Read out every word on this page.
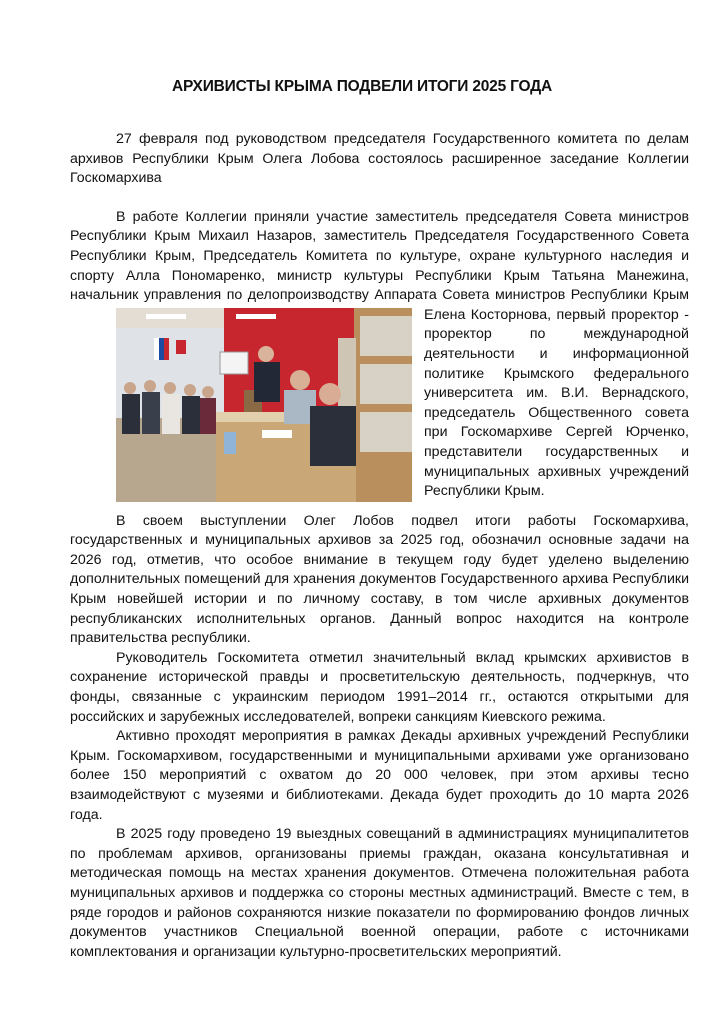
АРХИВИСТЫ КРЫМА ПОДВЕЛИ ИТОГИ 2025 ГОДА

27 февраля под руководством председателя Государственного комитета по делам архивов Республики Крым Олега Лобова состоялось расширенное заседание Коллегии Госкомархива

В работе Коллегии приняли участие заместитель председателя Совета министров Республики Крым Михаил Назаров, заместитель Председателя Государственного Совета Республики Крым, Председатель Комитета по культуре, охране культурного наследия и спорту Алла Пономаренко, министр культуры Республики Крым Татьяна Манежина, начальник управления по делопроизводству Аппарата Совета министров Республики Крым
Елена Косторнова, первый проректор - проректор по международной деятельности и информационной политике Крымского федерального университета им. В.И. Вернадского, председатель Общественного совета при Госкомархиве Сергей Юрченко, представители государственных и муниципальных архивных учреждений Республики Крым.

В своем выступлении Олег Лобов подвел итоги работы Госкомархива, государственных и муниципальных архивов за 2025 год, обозначил основные задачи на 2026 год, отметив, что особое внимание в текущем году будет уделено выделению дополнительных помещений для хранения документов Государственного архива Республики Крым новейшей истории и по личному составу, в том числе архивных документов республиканских исполнительных органов. Данный вопрос находится на контроле правительства республики.

Руководитель Госкомитета отметил значительный вклад крымских архивистов в сохранение исторической правды и просветительскую деятельность, подчеркнув, что фонды, связанные с украинским периодом 1991–2014 гг., остаются открытыми для российских и зарубежных исследователей, вопреки санкциям Киевского режима.

Активно проходят мероприятия в рамках Декады архивных учреждений Республики Крым. Госкомархивом, государственными и муниципальными архивами уже организовано более 150 мероприятий с охватом до 20 000 человек, при этом архивы тесно взаимодействуют с музеями и библиотеками. Декада будет проходить до 10 марта 2026 года.

В 2025 году проведено 19 выездных совещаний в администрациях муниципалитетов по проблемам архивов, организованы приемы граждан, оказана консультативная и методическая помощь на местах хранения документов. Отмечена положительная работа муниципальных архивов и поддержка со стороны местных администраций. Вместе с тем, в ряде городов и районов сохраняются низкие показатели по формированию фондов личных документов участников Специальной военной операции, работе с источниками комплектования и организации культурно-просветительских мероприятий.
